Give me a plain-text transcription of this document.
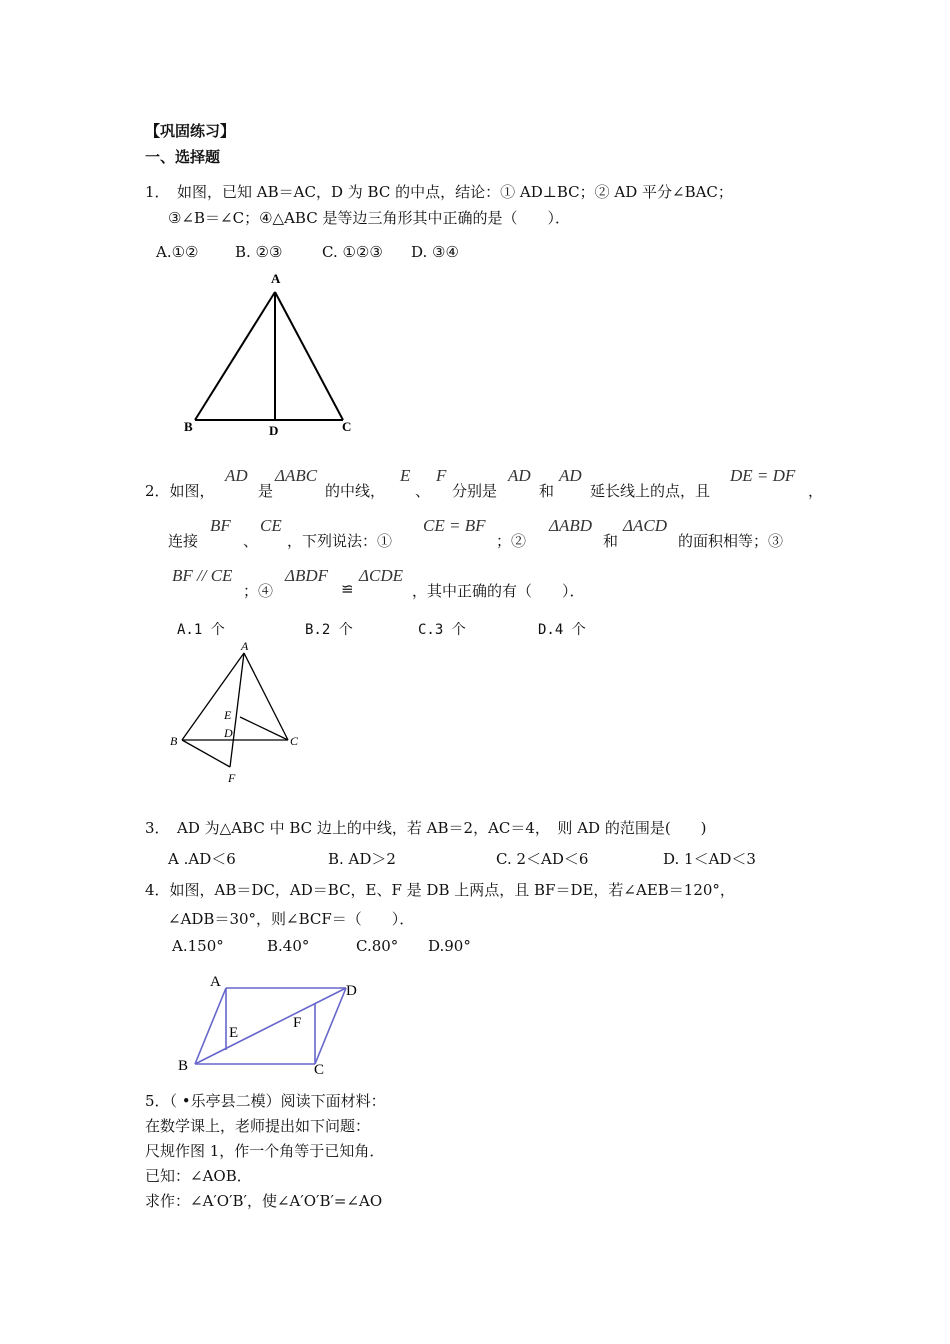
【巩固练习】
一、选择题
1．　如图，已知 AB＝AC，D 为 BC 的中点，结论：① AD⊥BC；② AD 平分∠BAC；
③∠B＝∠C；④△ABC 是等边三角形其中正确的是（　　）．
A.①② B. ②③	C. ①②③ D. ③④
A
B	D	C
2．如图，
AD
是
ΔABC
的中线，
E
、
F
分别是
AD
和
AD
延长线上的点，且
DE = DF
，
连接
BF
、
CE
，下列说法：①
CE = BF
；②
ΔABD
和
ΔACD
的面积相等；③
BF // CE
；④
ΔBDF
≌
ΔCDE
，其中正确的有（　　）．
A.1 个	B.2 个	C.3 个	D.4 个
A
E
D
B	C
F
3．　AD 为△ABC 中 BC 边上的中线，若 AB＝2，AC＝4，　则 AD 的范围是(　　)
A .AD＜6	B. AD＞2	C. 2＜AD＜6	D. 1＜AD＜3
4．如图，AB＝DC，AD＝BC，E、F 是 DB 上两点，且 BF＝DE，若∠AEB＝120°，
∠ADB＝30°，则∠BCF＝（　　）．
A.150°	B.40°	C.80° D.90°
A
D
E
F
B	C
5．（ •乐亭县二模）阅读下面材料：
在数学课上，老师提出如下问题：
尺规作图 1，作一个角等于已知角．
已知：∠AOB．
求作：∠A′O′B′，使∠A′O′B′=∠AO
